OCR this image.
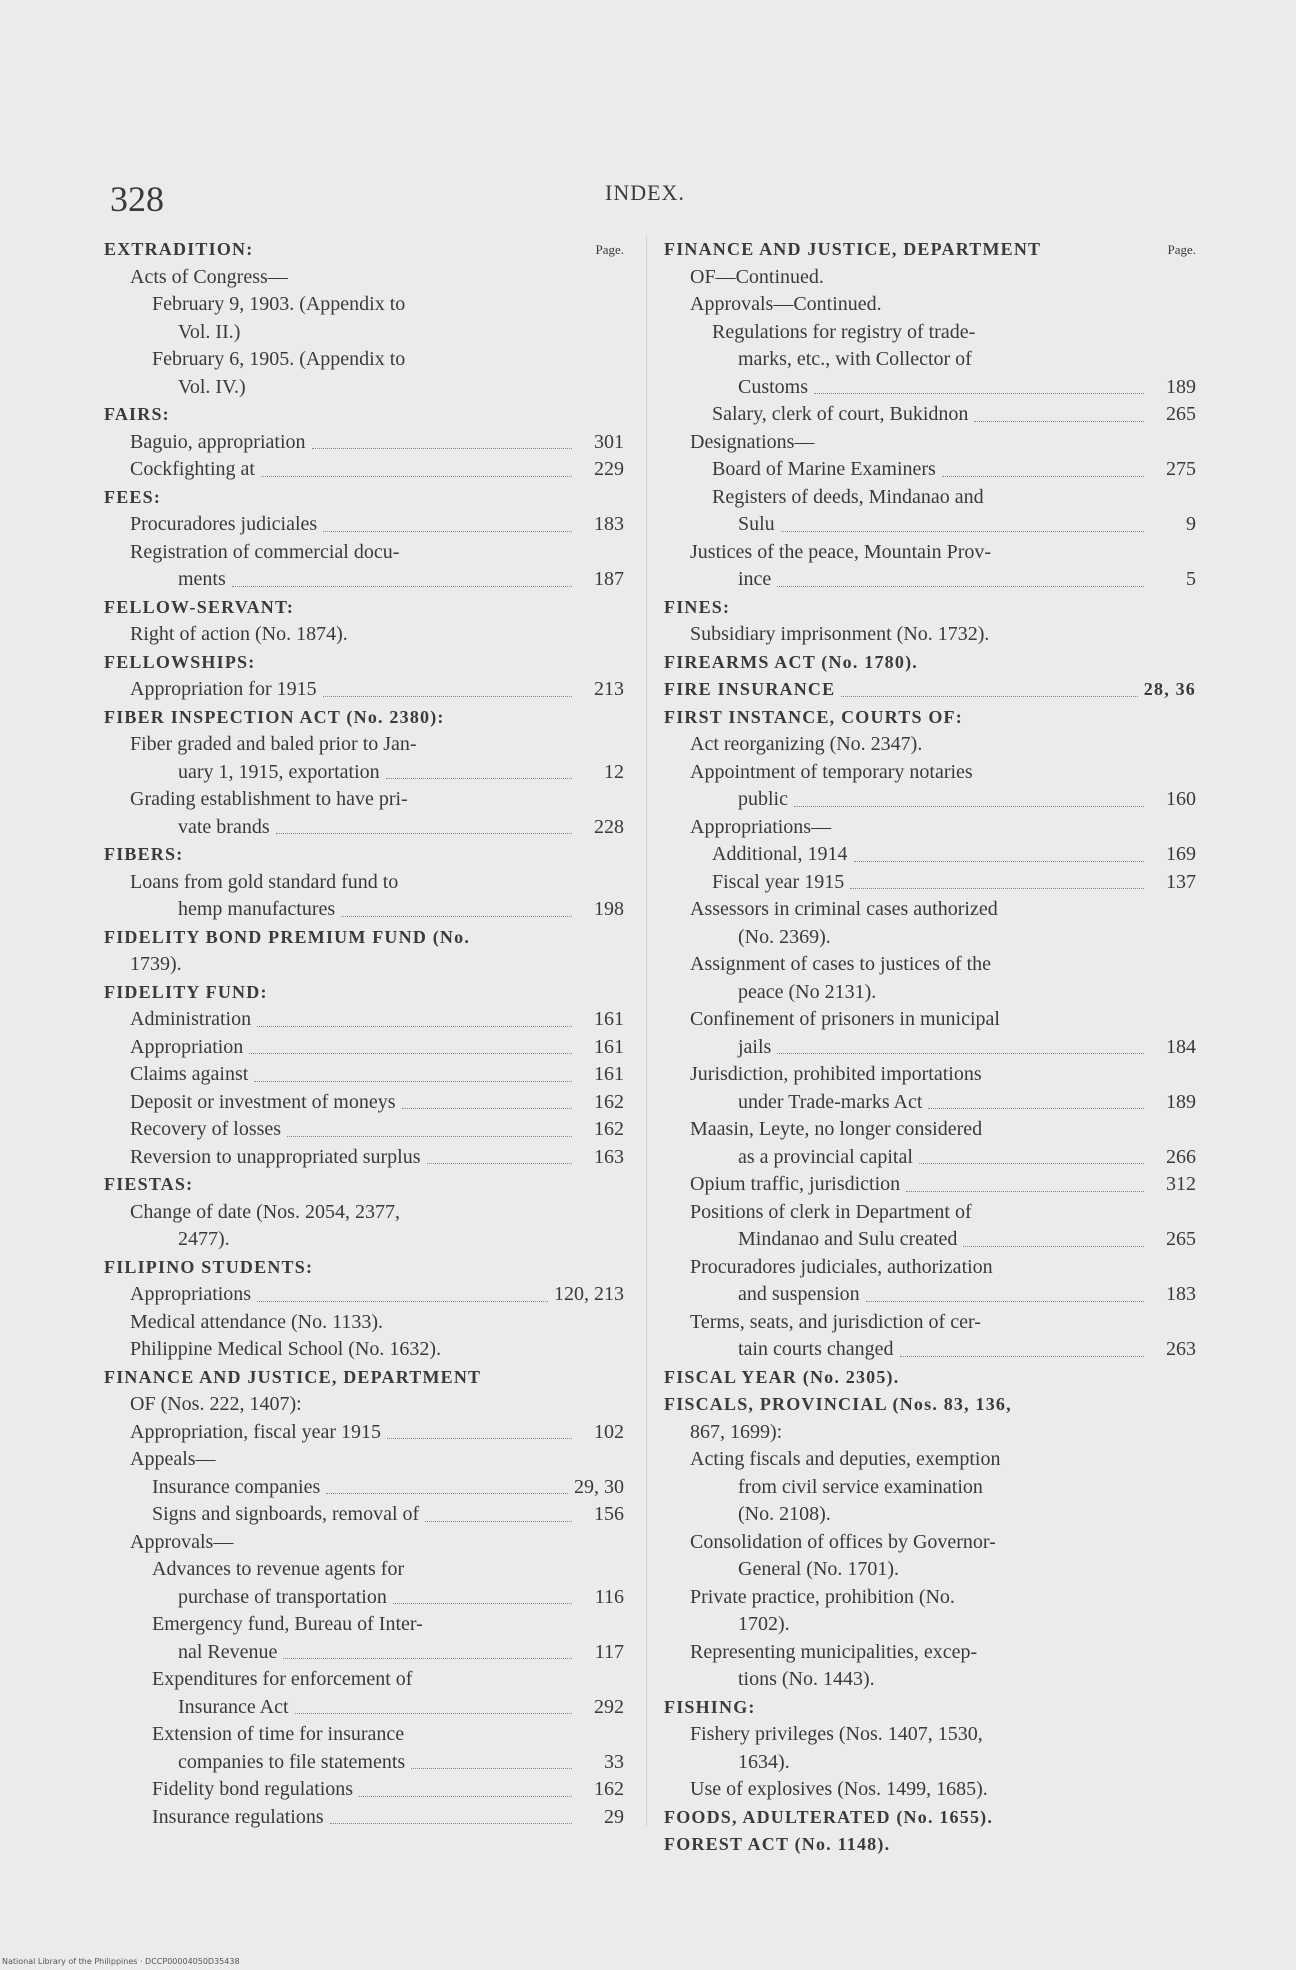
328	INDEX.
EXTRADITION:	Page.
Acts of Congress—
February 9, 1903. (Appendix to
Vol. II.)
February 6, 1905. (Appendix to
Vol. IV.)
FAIRS:
Baguio, appropriation	301
Cockfighting at	229
FEES:
Procuradores judiciales	183
Registration of commercial docu-
ments	187
FELLOW-SERVANT:
Right of action (No. 1874).
FELLOWSHIPS:
Appropriation for 1915	213
FIBER INSPECTION ACT (No. 2380):
Fiber graded and baled prior to Jan-
uary 1, 1915, exportation	12
Grading establishment to have pri-
vate brands	228
FIBERS:
Loans from gold standard fund to
hemp manufactures	198
FIDELITY BOND PREMIUM FUND (No.
1739).
FIDELITY FUND:
Administration	161
Appropriation	161
Claims against	161
Deposit or investment of moneys	162
Recovery of losses	162
Reversion to unappropriated surplus	163
FIESTAS:
Change of date (Nos. 2054, 2377,
2477).
FILIPINO STUDENTS:
Appropriations	120, 213
Medical attendance (No. 1133).
Philippine Medical School (No. 1632).
FINANCE AND JUSTICE, DEPARTMENT
OF (Nos. 222, 1407):
Appropriation, fiscal year 1915	102
Appeals—
Insurance companies	29, 30
Signs and signboards, removal of	156
Approvals—
Advances to revenue agents for
purchase of transportation	116
Emergency fund, Bureau of Inter-
nal Revenue	117
Expenditures for enforcement of
Insurance Act	292
Extension of time for insurance
companies to file statements	33
Fidelity bond regulations	162
Insurance regulations	29
FINANCE AND JUSTICE, DEPARTMENT	Page.
OF—Continued.
Approvals—Continued.
Regulations for registry of trade-
marks, etc., with Collector of
Customs	189
Salary, clerk of court, Bukidnon	265
Designations—
Board of Marine Examiners	275
Registers of deeds, Mindanao and
Sulu	9
Justices of the peace, Mountain Prov-
ince	5
FINES:
Subsidiary imprisonment (No. 1732).
FIREARMS ACT (No. 1780).
FIRE INSURANCE	28, 36
FIRST INSTANCE, COURTS OF:
Act reorganizing (No. 2347).
Appointment of temporary notaries
public	160
Appropriations—
Additional, 1914	169
Fiscal year 1915	137
Assessors in criminal cases authorized
(No. 2369).
Assignment of cases to justices of the
peace (No 2131).
Confinement of prisoners in municipal
jails	184
Jurisdiction, prohibited importations
under Trade-marks Act	189
Maasin, Leyte, no longer considered
as a provincial capital	266
Opium traffic, jurisdiction	312
Positions of clerk in Department of
Mindanao and Sulu created	265
Procuradores judiciales, authorization
and suspension	183
Terms, seats, and jurisdiction of cer-
tain courts changed	263
FISCAL YEAR (No. 2305).
FISCALS, PROVINCIAL (Nos. 83, 136,
867, 1699):
Acting fiscals and deputies, exemption
from civil service examination
(No. 2108).
Consolidation of offices by Governor-
General (No. 1701).
Private practice, prohibition (No.
1702).
Representing municipalities, excep-
tions (No. 1443).
FISHING:
Fishery privileges (Nos. 1407, 1530,
1634).
Use of explosives (Nos. 1499, 1685).
FOODS, ADULTERATED (No. 1655).
FOREST ACT (No. 1148).
National Library of the Philippines · DCCP00004050D35438
